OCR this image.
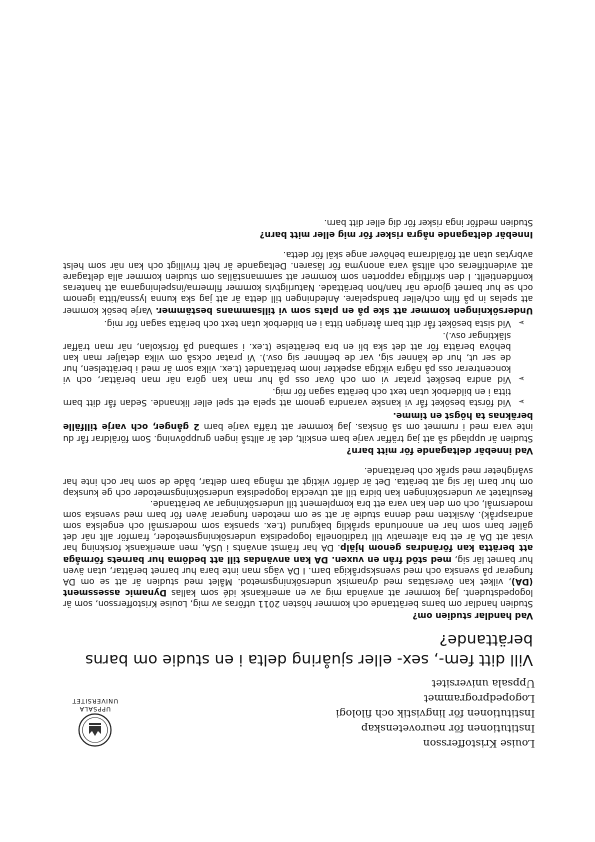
Louise Kristoffersson
Institutionen för neurovetenskap
Institutionen för lingvistik och filologi
Logopedprogrammet
Uppsala universitet
UPPSALA
UNIVERSITET
Vill ditt fem-, sex- eller sjuåring delta i en studie om barns berättande?
Vad handlar studien om?

Studien handlar om barns berättande och kommer hösten 2011 utföras av mig, Louise Kristoffersson, som är logopedstudent. Jag kommer att använda mig av en amerikansk idé som kallas Dynamic assessment (DA), vilket kan översättas med dynamisk undersökningsmetod. Målet med studien är att se om DA fungerar på svenska och med svenskspråkiga barn. I DA vägs man inte bara hur barnet berättar, utan även hur barnet lär sig, med stöd från en vuxen. DA kan användas till att bedöma hur barnets förmåga att berätta kan förändras genom hjälp. DA har främst använts i USA, men amerikansk forskning har visat att DA är ett bra alternativ till traditionella logopediska undersökningsmetoder, framför allt när det gäller barn som har en annorlunda språklig bakgrund (t.ex. spanska som modersmål och engelska som andraspråk). Avsikten med denna studie är att se om metoden fungerar även för barn med svenska som modersmål, och om den kan vara ett bra komplement till undersökningar av berättande.

Resultatet av undersökningen kan bidra till att utveckla logopediska undersökningsmetoder och ge kunskap om hur barn lär sig att berätta. Det är därför viktigt att många barn deltar, både de som har och inte har svårigheter med språk och berättande.

Vad innebär deltagande för mitt barn?

Studien är upplagd så att jag träffar varje barn enskilt, det är alltså ingen gruppövning. Som föräldrar får du inte vara med i rummet om så önskas. Jag kommer att träffa varje barn 2 gånger, och varje tillfälle beräknas ta högst en timme.

➢ Vid första besöket får vi kanske varandra genom att spela ett spel eller liknande. Sedan får ditt barn titta i en bilderbok utan text och berätta sagan för mig.
➢ Vid andra besöket pratar vi om och övar oss på hur man kan göra när man berättar, och vi koncentrerar oss på några viktiga aspekter inom berättandet (t.ex. vilka som är med i berättelsen, hur de ser ut, hur de känner sig, var de befinner sig osv.). Vi pratar också om vilka detaljer man kan behöva berätta för att det ska bli en bra berättelse (t.ex. i samband på förskolan, när man träffar släktingar osv.).
➢ Vid sista besöket får ditt barn återigen titta i en bilderbok utan text och berätta sagan för mig.

Undersökningen kommer att ske på en plats som vi tillsammans bestämmer. Varje besök kommer att spelas in på film och/eller bandspelare. Anledningen till detta är att jag ska kunna lyssna/titta igenom och se hur barnet gjorde när han/hon berättade. Naturligtvis kommer filmerna/inspelningarna att hanteras konfidentiellt. I den skriftliga rapporten som kommer att sammanställas om studien kommer alla deltagare att avidentifieras och alltså vara anonyma för läsaren. Deltagande är helt frivilligt och kan när som helst avbrytas utan att föräldrarna behöver ange skäl för detta.

Innebär deltagande några risker för mig eller mitt barn?

Studien medför inga risker för dig eller ditt barn.
